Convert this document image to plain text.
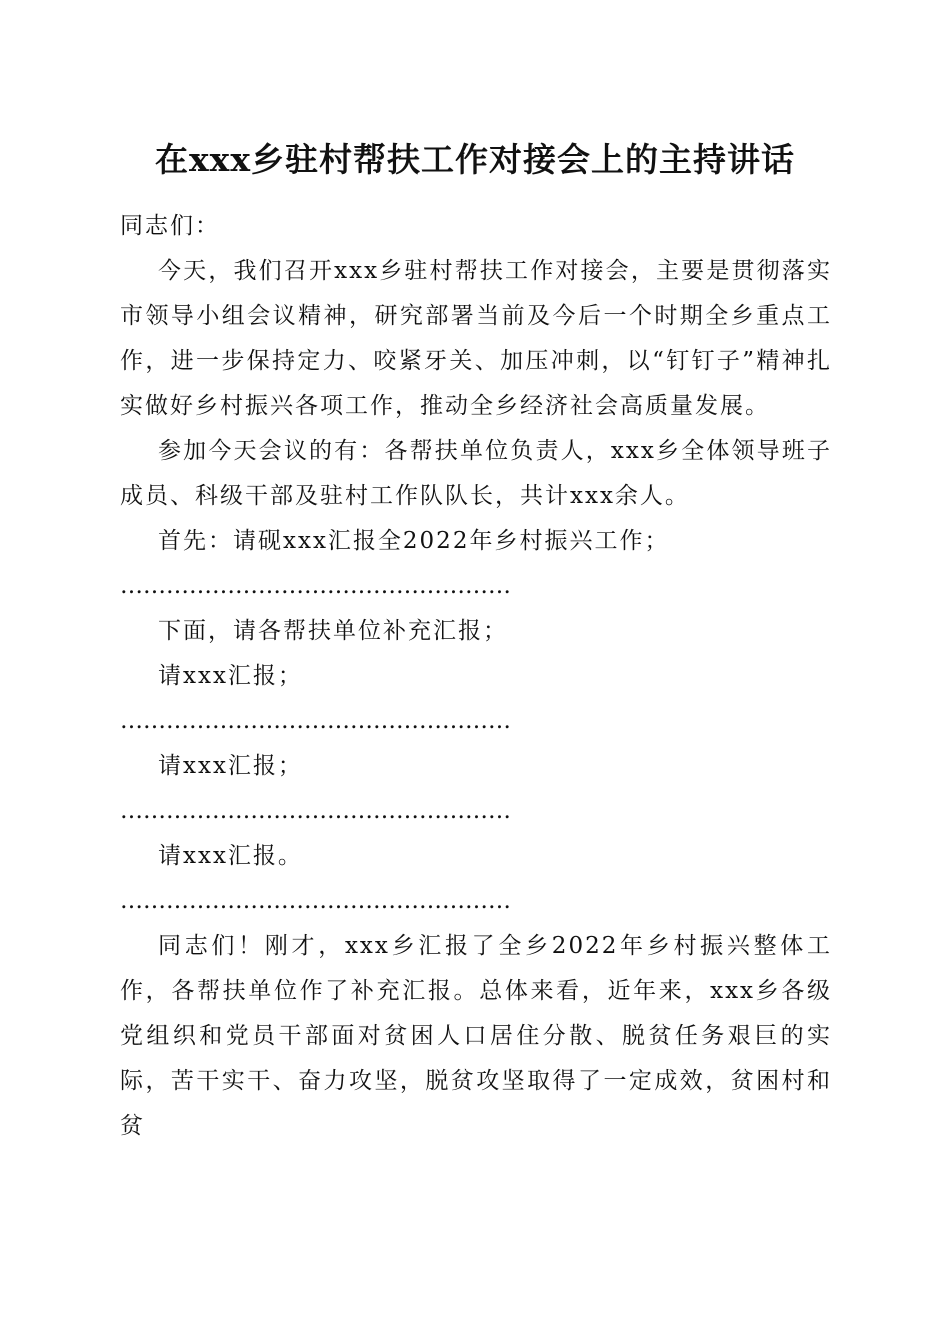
在xxx乡驻村帮扶工作对接会上的主持讲话

同志们：

今天，我们召开xxx乡驻村帮扶工作对接会，主要是贯彻落实市领导小组会议精神，研究部署当前及今后一个时期全乡重点工作，进一步保持定力、咬紧牙关、加压冲刺，以“钉钉子”精神扎实做好乡村振兴各项工作，推动全乡经济社会高质量发展。

参加今天会议的有：各帮扶单位负责人，xxx乡全体领导班子成员、科级干部及驻村工作队队长，共计xxx余人。

首先：请砚xxx汇报全2022年乡村振兴工作；

……………………………………………

下面，请各帮扶单位补充汇报；

请xxx汇报；

……………………………………………

请xxx汇报；

……………………………………………

请xxx汇报。

……………………………………………

同志们！刚才，xxx乡汇报了全乡2022年乡村振兴整体工作，各帮扶单位作了补充汇报。总体来看，近年来，xxx乡各级党组织和党员干部面对贫困人口居住分散、脱贫任务艰巨的实际，苦干实干、奋力攻坚，脱贫攻坚取得了一定成效，贫困村和贫
